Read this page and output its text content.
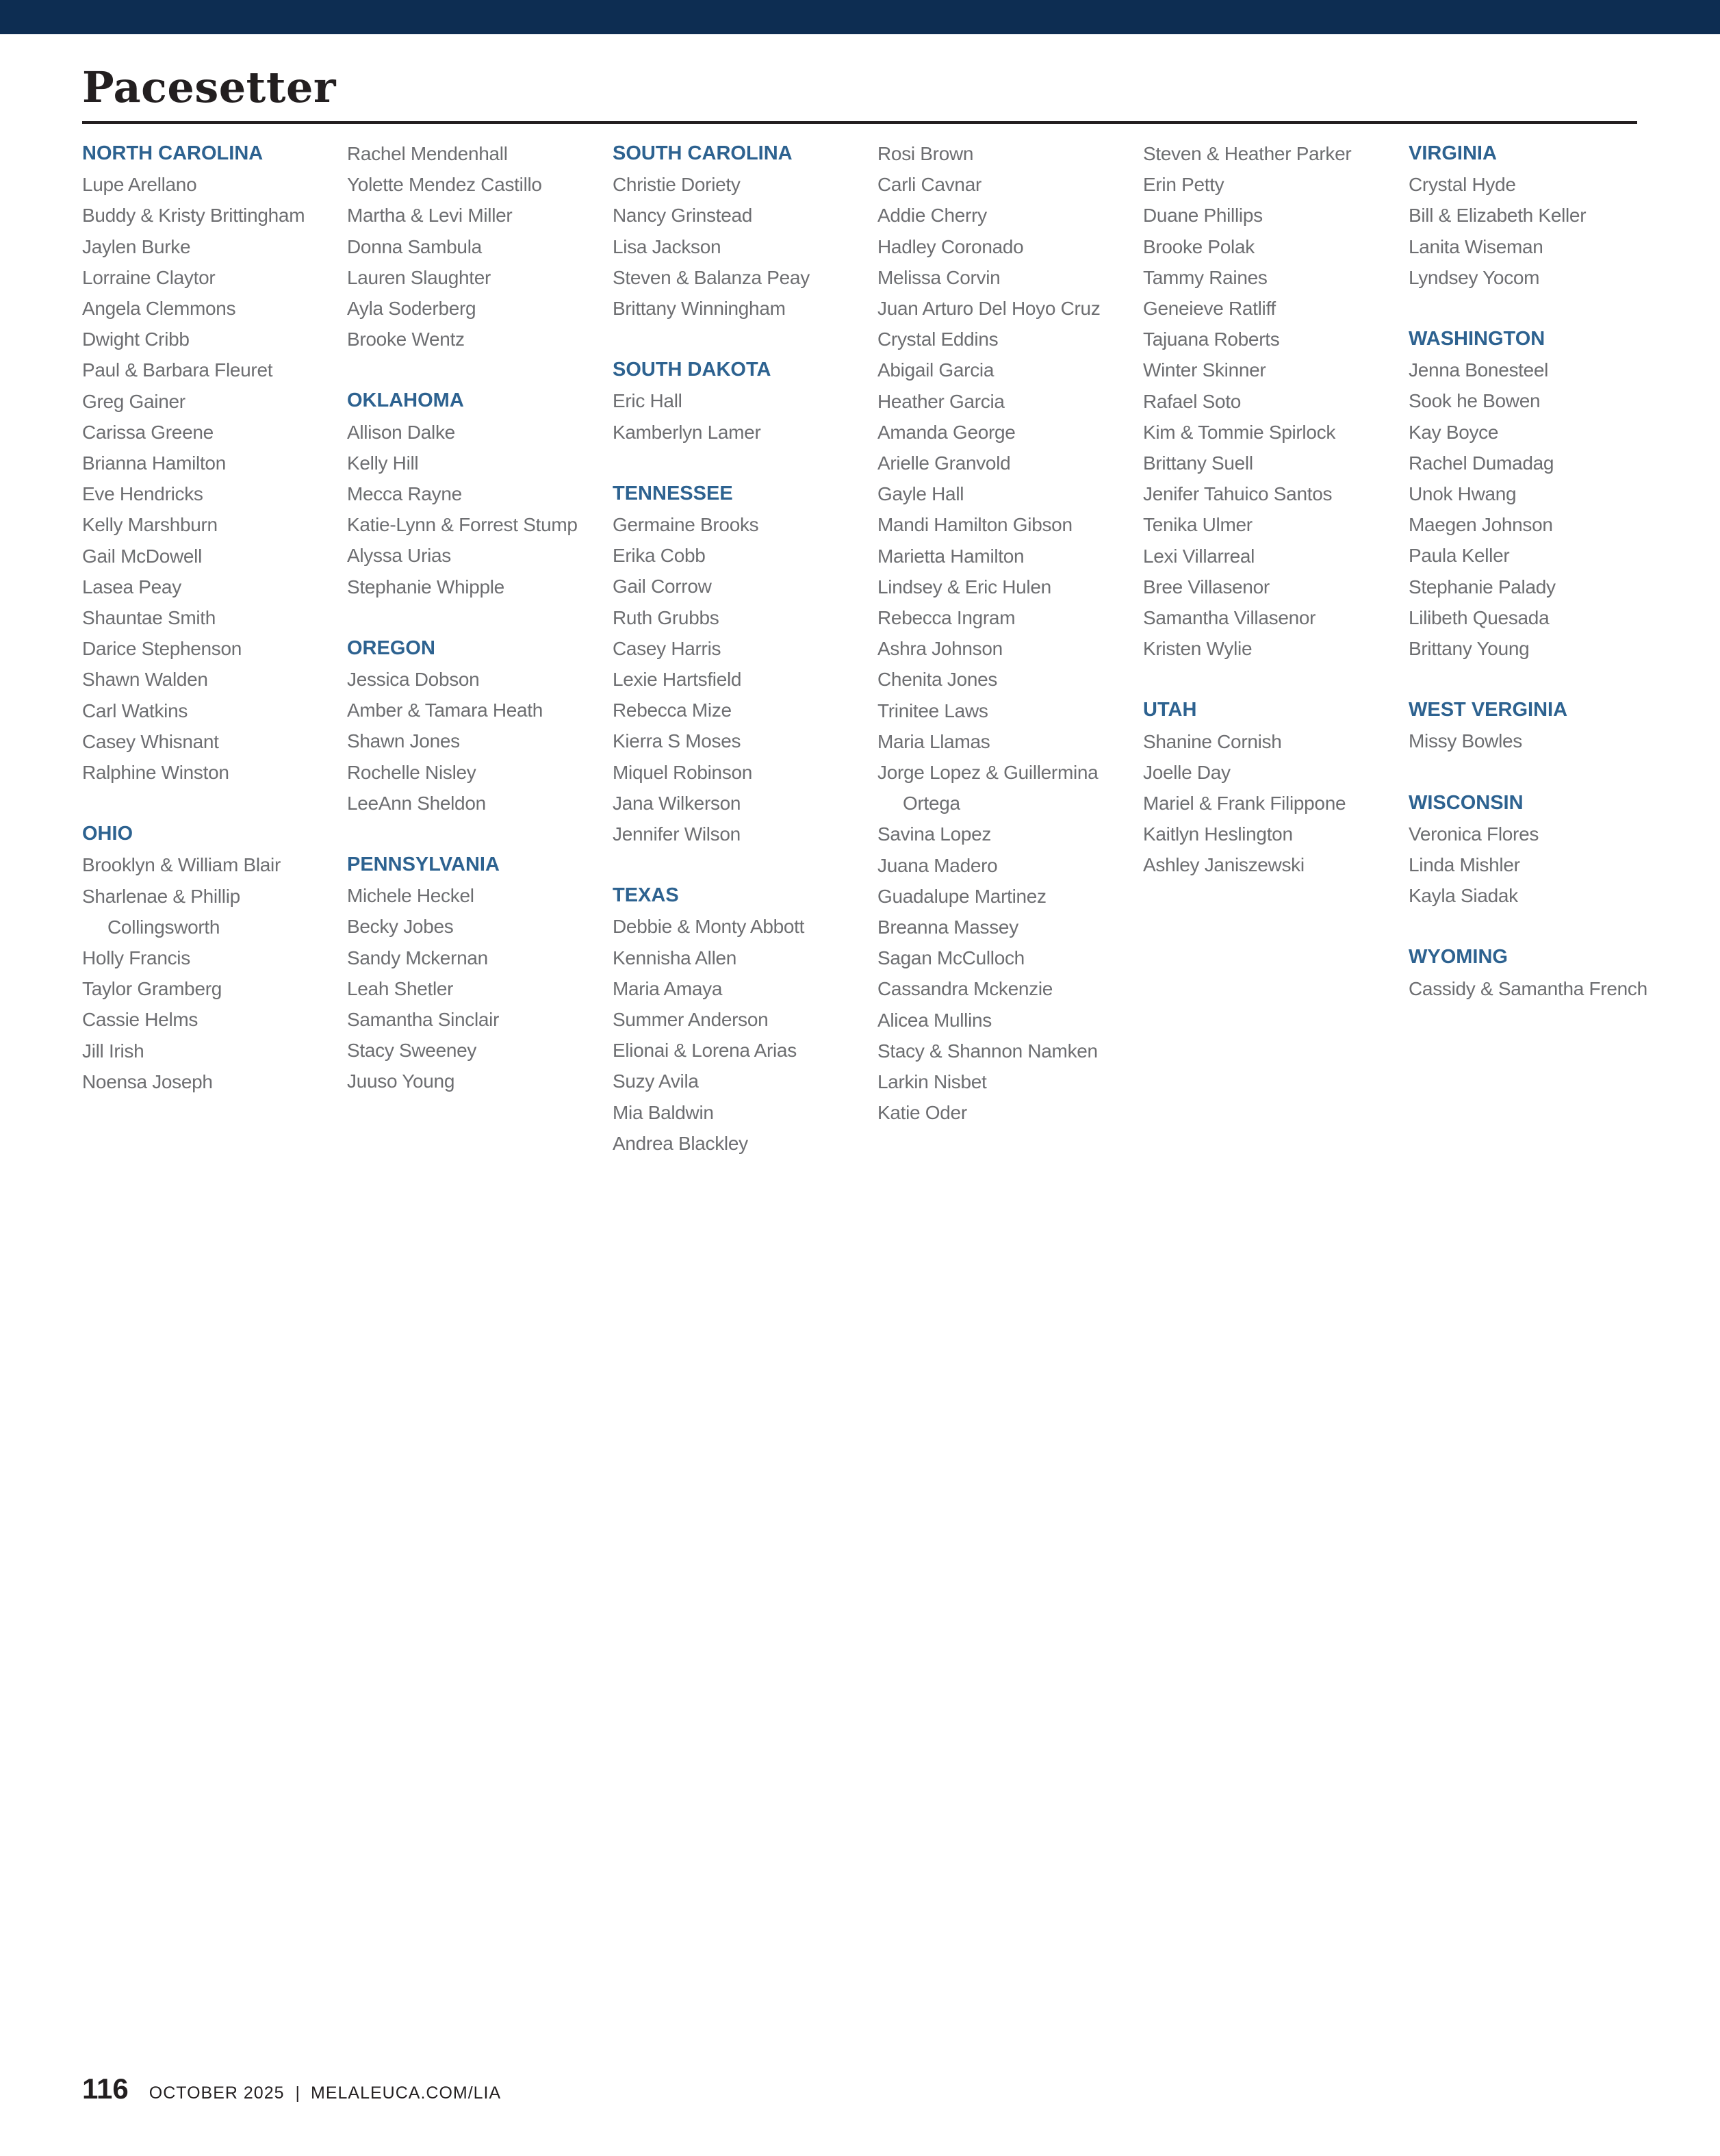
Pacesetter
NORTH CAROLINA
Lupe Arellano
Buddy & Kristy Brittingham
Jaylen Burke
Lorraine Claytor
Angela Clemmons
Dwight Cribb
Paul & Barbara Fleuret
Greg Gainer
Carissa Greene
Brianna Hamilton
Eve Hendricks
Kelly Marshburn
Gail McDowell
Lasea Peay
Shauntae Smith
Darice Stephenson
Shawn Walden
Carl Watkins
Casey Whisnant
Ralphine Winston
OHIO
Brooklyn & William Blair
Sharlenae & Phillip Collingsworth
Holly Francis
Taylor Gramberg
Cassie Helms
Jill Irish
Noensa Joseph
Rachel Mendenhall
Yolette Mendez Castillo
Martha & Levi Miller
Donna Sambula
Lauren Slaughter
Ayla Soderberg
Brooke Wentz
OKLAHOMA
Allison Dalke
Kelly Hill
Mecca Rayne
Katie-Lynn & Forrest Stump
Alyssa Urias
Stephanie Whipple
OREGON
Jessica Dobson
Amber & Tamara Heath
Shawn Jones
Rochelle Nisley
LeeAnn Sheldon
PENNSYLVANIA
Michele Heckel
Becky Jobes
Sandy Mckernan
Leah Shetler
Samantha Sinclair
Stacy Sweeney
Juuso Young
SOUTH CAROLINA
Christie Doriety
Nancy Grinstead
Lisa Jackson
Steven & Balanza Peay
Brittany Winningham
SOUTH DAKOTA
Eric Hall
Kamberlyn Lamer
TENNESSEE
Germaine Brooks
Erika Cobb
Gail Corrow
Ruth Grubbs
Casey Harris
Lexie Hartsfield
Rebecca Mize
Kierra S Moses
Miquel Robinson
Jana Wilkerson
Jennifer Wilson
TEXAS
Debbie & Monty Abbott
Kennisha Allen
Maria Amaya
Summer Anderson
Elionai & Lorena Arias
Suzy Avila
Mia Baldwin
Andrea Blackley
Rosi Brown
Carli Cavnar
Addie Cherry
Hadley Coronado
Melissa Corvin
Juan Arturo Del Hoyo Cruz
Crystal Eddins
Abigail Garcia
Heather Garcia
Amanda George
Arielle Granvold
Gayle Hall
Mandi Hamilton Gibson
Marietta Hamilton
Lindsey & Eric Hulen
Rebecca Ingram
Ashra Johnson
Chenita Jones
Trinitee Laws
Maria Llamas
Jorge Lopez & Guillermina Ortega
Savina Lopez
Juana Madero
Guadalupe Martinez
Breanna Massey
Sagan McCulloch
Cassandra Mckenzie
Alicea Mullins
Stacy & Shannon Namken
Larkin Nisbet
Katie Oder
Steven & Heather Parker
Erin Petty
Duane Phillips
Brooke Polak
Tammy Raines
Geneieve Ratliff
Tajuana Roberts
Winter Skinner
Rafael Soto
Kim & Tommie Spirlock
Brittany Suell
Jenifer Tahuico Santos
Tenika Ulmer
Lexi Villarreal
Bree Villasenor
Samantha Villasenor
Kristen Wylie
UTAH
Shanine Cornish
Joelle Day
Mariel & Frank Filippone
Kaitlyn Heslington
Ashley Janiszewski
VIRGINIA
Crystal Hyde
Bill & Elizabeth Keller
Lanita Wiseman
Lyndsey Yocom
WASHINGTON
Jenna Bonesteel
Sook he Bowen
Kay Boyce
Rachel Dumadag
Unok Hwang
Maegen Johnson
Paula Keller
Stephanie Palady
Lilibeth Quesada
Brittany Young
WEST VERGINIA
Missy Bowles
WISCONSIN
Veronica Flores
Linda Mishler
Kayla Siadak
WYOMING
Cassidy & Samantha French
116 OCTOBER 2025 | MELALEUCA.COM/LIA
